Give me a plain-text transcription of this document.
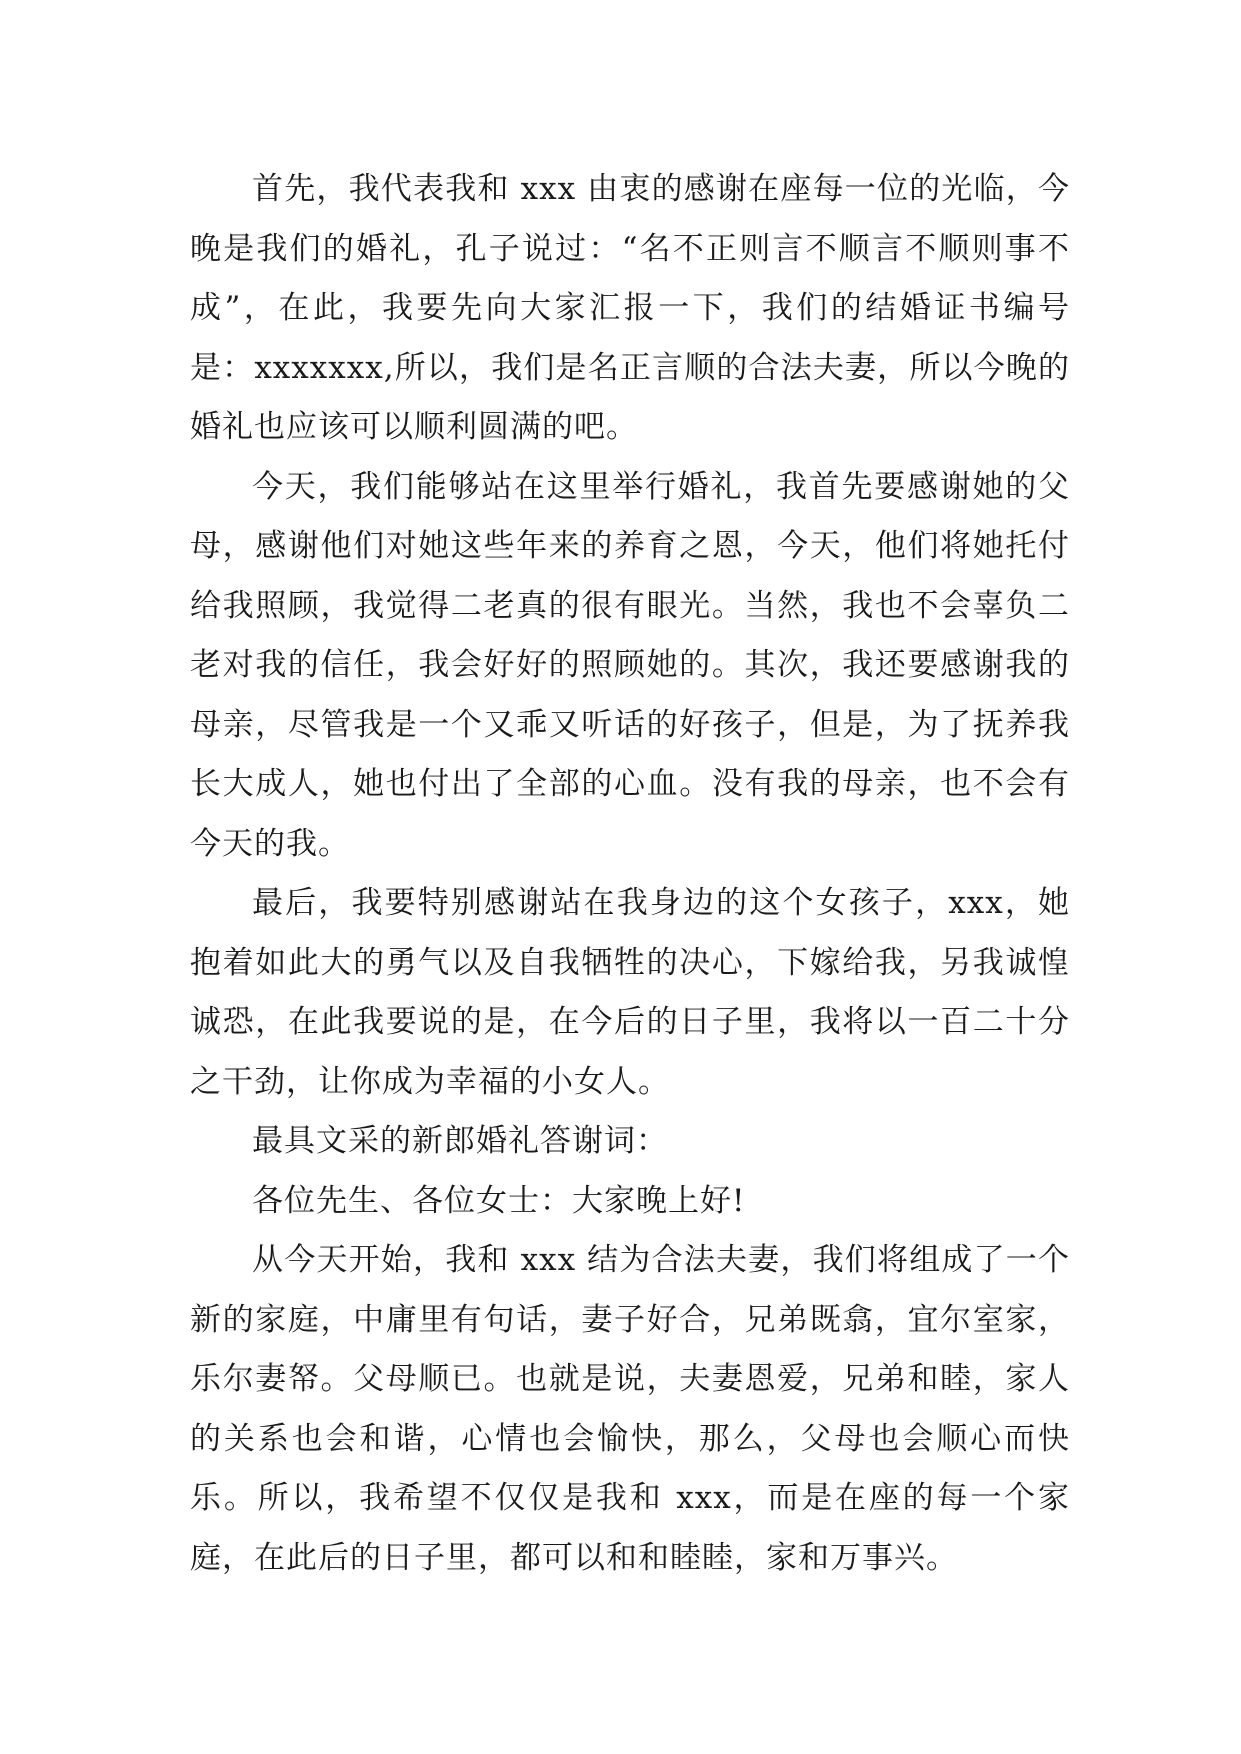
首先，我代表我和 xxx 由衷的感谢在座每一位的光临，今晚是我们的婚礼，孔子说过：“名不正则言不顺言不顺则事不成”，在此，我要先向大家汇报一下，我们的结婚证书编号是：xxxxxxx,所以，我们是名正言顺的合法夫妻，所以今晚的婚礼也应该可以顺利圆满的吧。

今天，我们能够站在这里举行婚礼，我首先要感谢她的父母，感谢他们对她这些年来的养育之恩，今天，他们将她托付给我照顾，我觉得二老真的很有眼光。当然，我也不会辜负二老对我的信任，我会好好的照顾她的。其次，我还要感谢我的母亲，尽管我是一个又乖又听话的好孩子，但是，为了抚养我长大成人，她也付出了全部的心血。没有我的母亲，也不会有今天的我。

最后，我要特别感谢站在我身边的这个女孩子，xxx，她抱着如此大的勇气以及自我牺牲的决心，下嫁给我，另我诚惶诚恐，在此我要说的是，在今后的日子里，我将以一百二十分之干劲，让你成为幸福的小女人。

最具文采的新郎婚礼答谢词：

各位先生、各位女士：大家晚上好!

从今天开始，我和 xxx 结为合法夫妻，我们将组成了一个新的家庭，中庸里有句话，妻子好合，兄弟既翕，宜尔室家，乐尔妻帑。父母顺已。也就是说，夫妻恩爱，兄弟和睦，家人的关系也会和谐，心情也会愉快，那么，父母也会顺心而快乐。所以，我希望不仅仅是我和 xxx，而是在座的每一个家庭，在此后的日子里，都可以和和睦睦，家和万事兴。
